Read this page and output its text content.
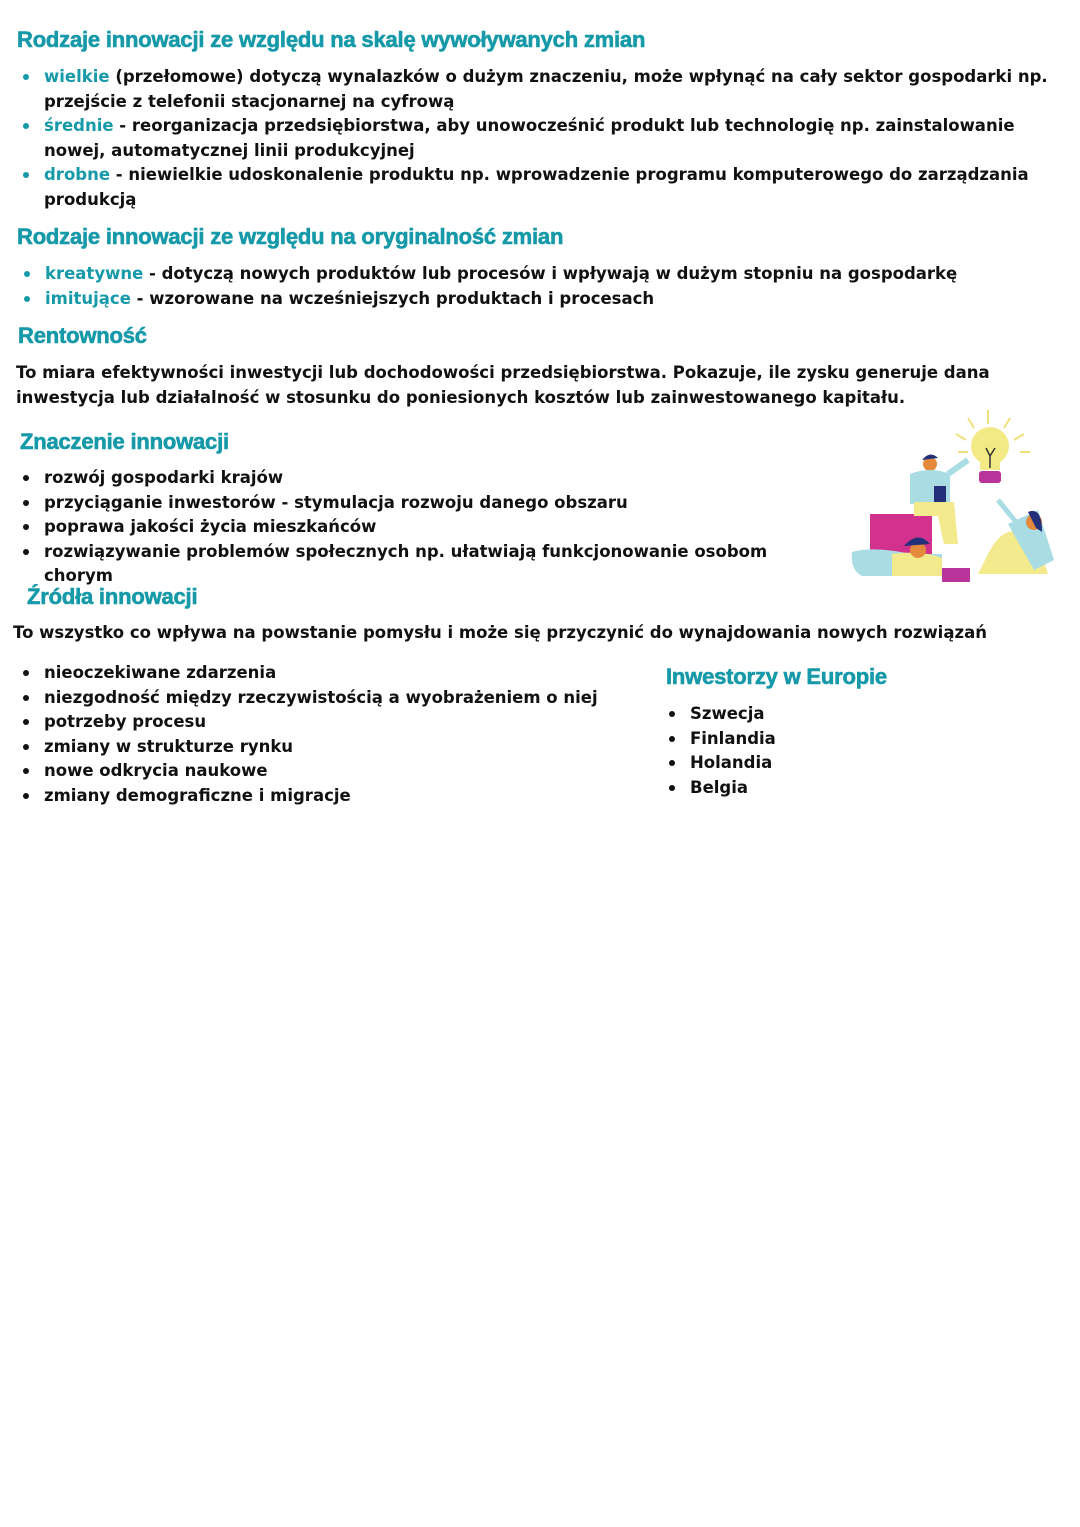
Rodzaje innowacji ze względu na skalę wywoływanych zmian
wielkie (przełomowe) dotyczą wynalazków o dużym znaczeniu, może wpłynąć na cały sektor gospodarki np. przejście z telefonii stacjonarnej na cyfrową
średnie - reorganizacja przedsiębiorstwa, aby unowocześnić produkt lub technologię np. zainstalowanie nowej, automatycznej linii produkcyjnej
drobne - niewielkie udoskonalenie produktu np. wprowadzenie programu komputerowego do zarządzania produkcją
Rodzaje innowacji ze względu na oryginalność zmian
kreatywne - dotyczą nowych produktów lub procesów i wpływają w dużym stopniu na gospodarkę
imitujące - wzorowane na wcześniejszych produktach i procesach
Rentowność

To miara efektywności inwestycji lub dochodowości przedsiębiorstwa. Pokazuje, ile zysku generuje dana inwestycja lub działalność w stosunku do poniesionych kosztów lub zainwestowanego kapitału.

Znaczenie innowacji
rozwój gospodarki krajów
przyciąganie inwestorów - stymulacja rozwoju danego obszaru
poprawa jakości życia mieszkańców
rozwiązywanie problemów społecznych np. ułatwiają funkcjonowanie osobom chorym
Źródła innowacji

To wszystko co wpływa na powstanie pomysłu i może się przyczynić do wynajdowania nowych rozwiązań

nieoczekiwane zdarzenia
niezgodność między rzeczywistością a wyobrażeniem o niej
potrzeby procesu
zmiany w strukturze rynku
nowe odkrycia naukowe
zmiany demograficzne i migracje
Inwestorzy w Europie
Szwecja
Finlandia
Holandia
Belgia
